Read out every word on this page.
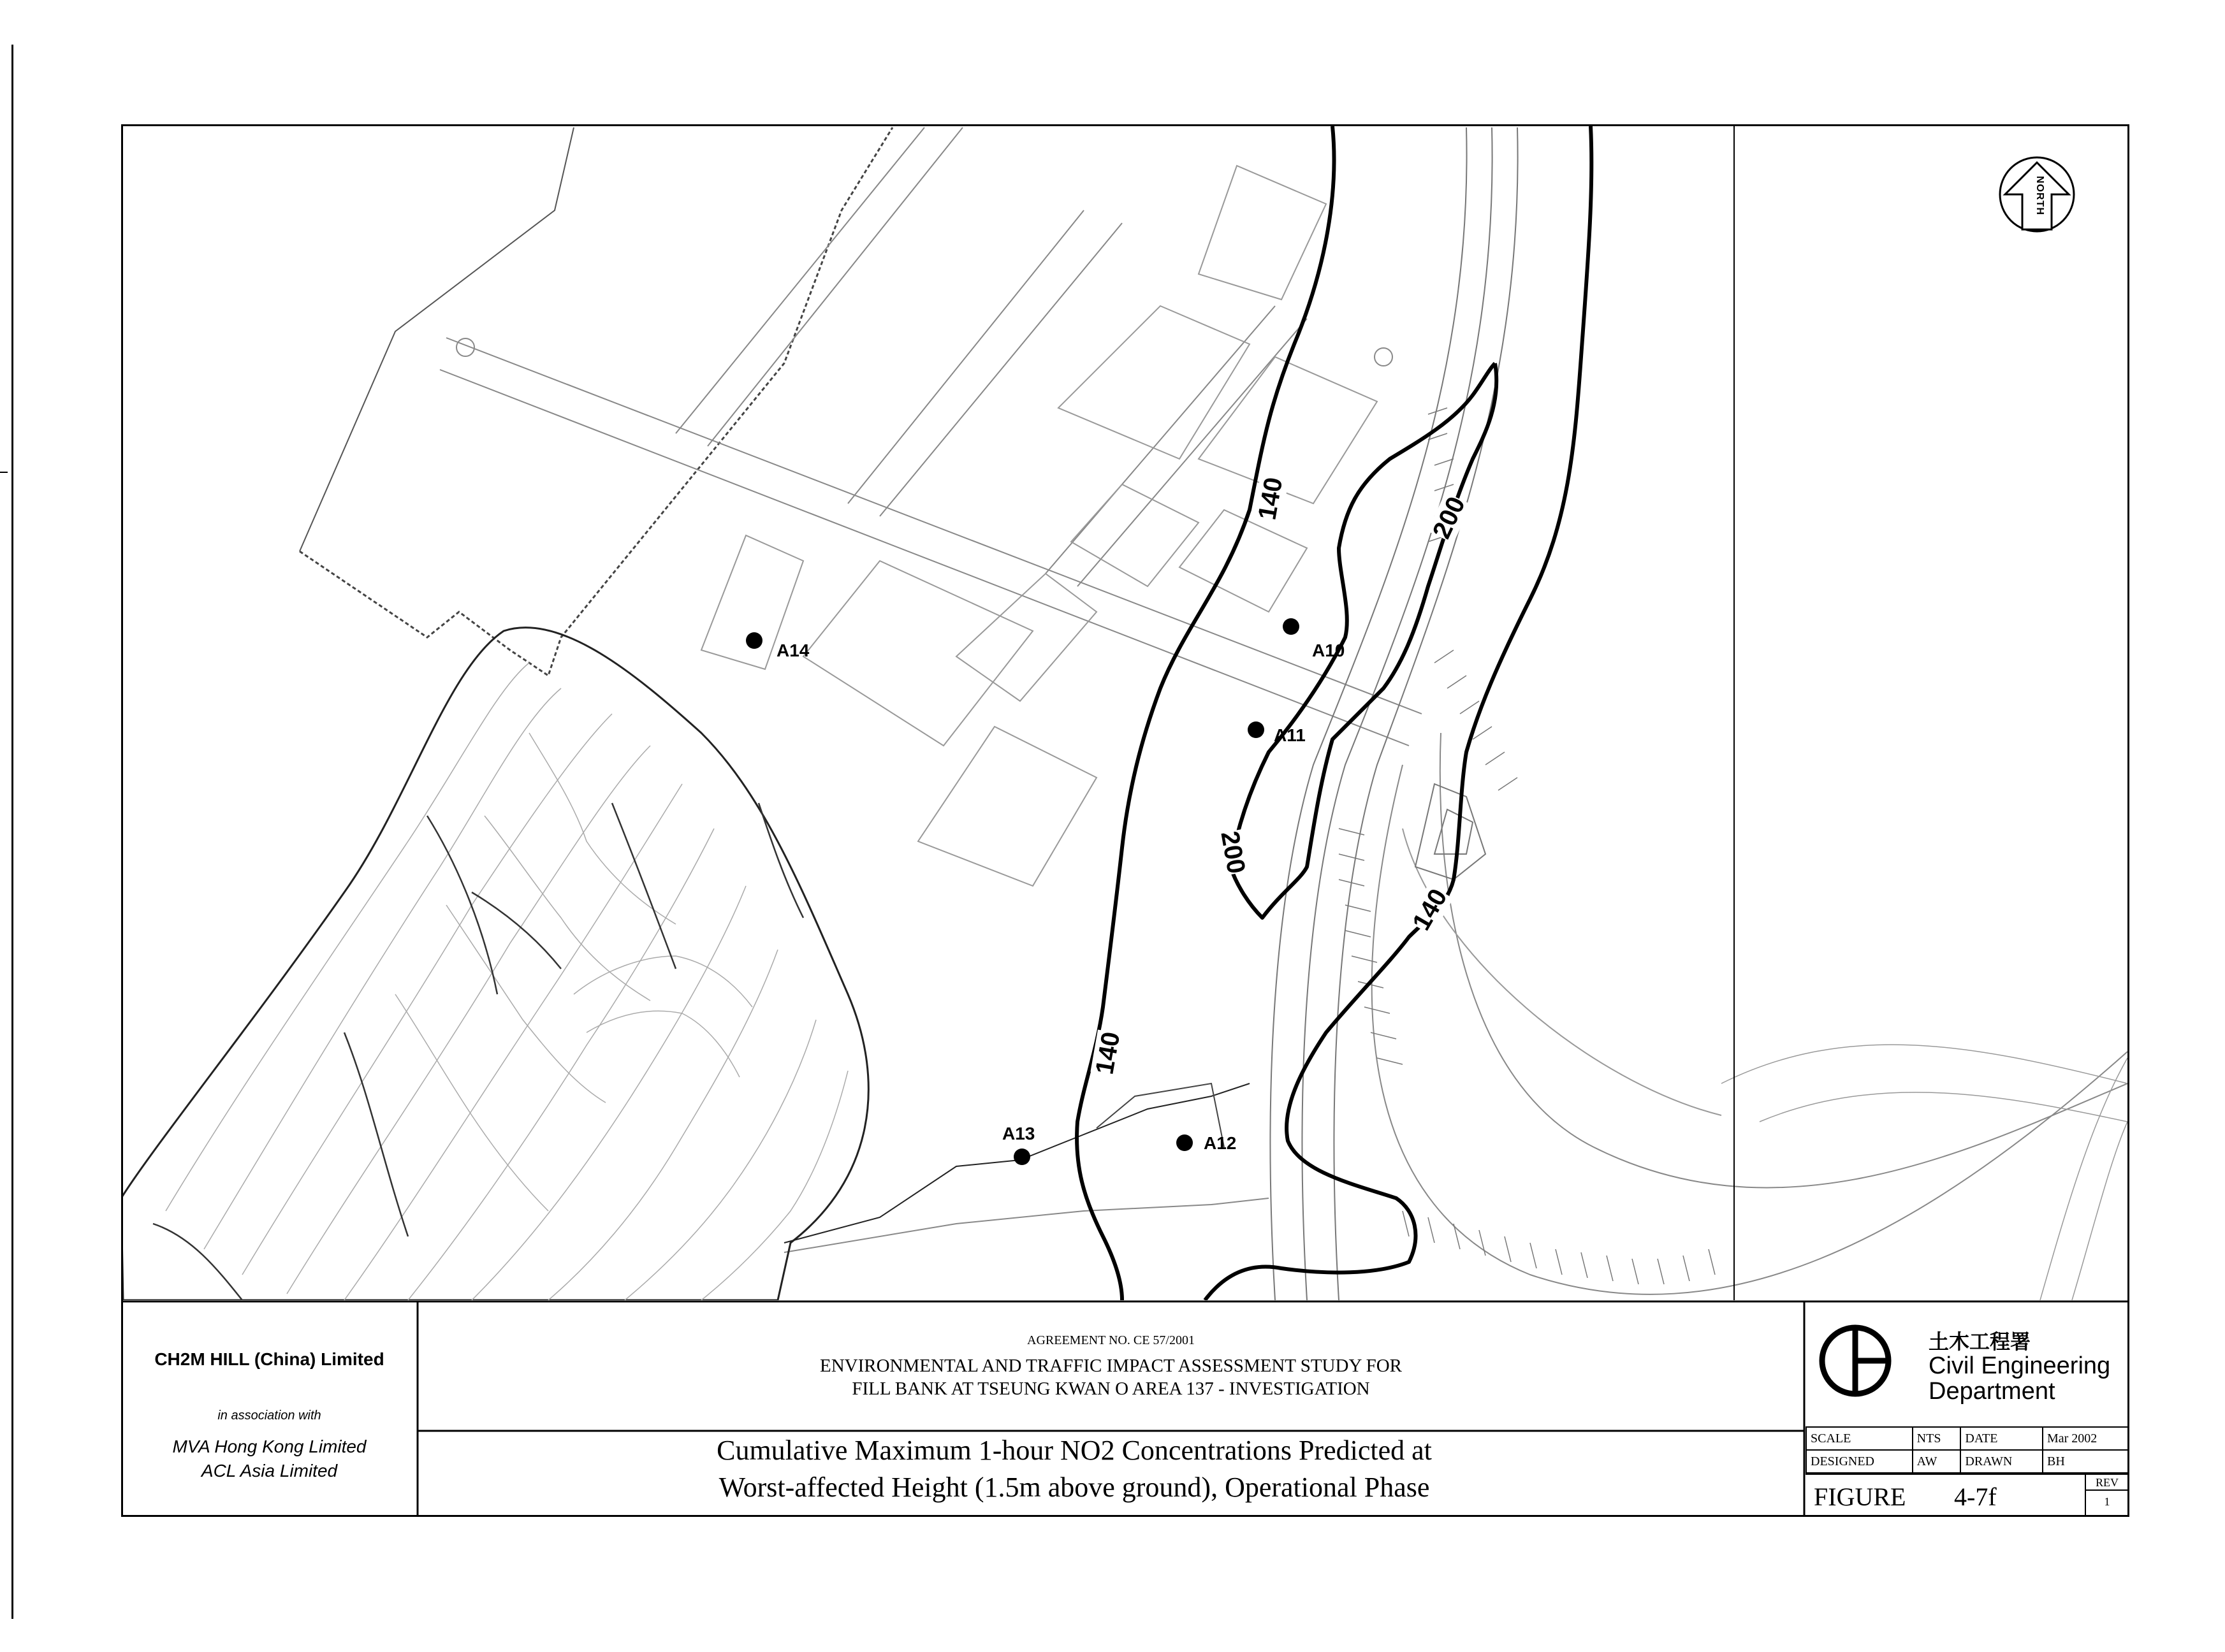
NORTH
A10
A11
A12
A13
A14
140
140
140
200
200
CH2M HILL (China) Limited
in association with
MVA Hong Kong Limited
ACL Asia Limited
AGREEMENT NO. CE 57/2001
ENVIRONMENTAL AND TRAFFIC IMPACT ASSESSMENT STUDY FOR
FILL BANK AT TSEUNG KWAN O AREA 137 - INVESTIGATION
Cumulative Maximum 1-hour NO2 Concentrations Predicted at
Worst-affected Height (1.5m above ground), Operational Phase
土木工程署
Civil Engineering
Department
SCALE	NTS	DATE	Mar 2002
DESIGNED	AW	DRAWN	BH
FIGURE 4-7f	REV
1
